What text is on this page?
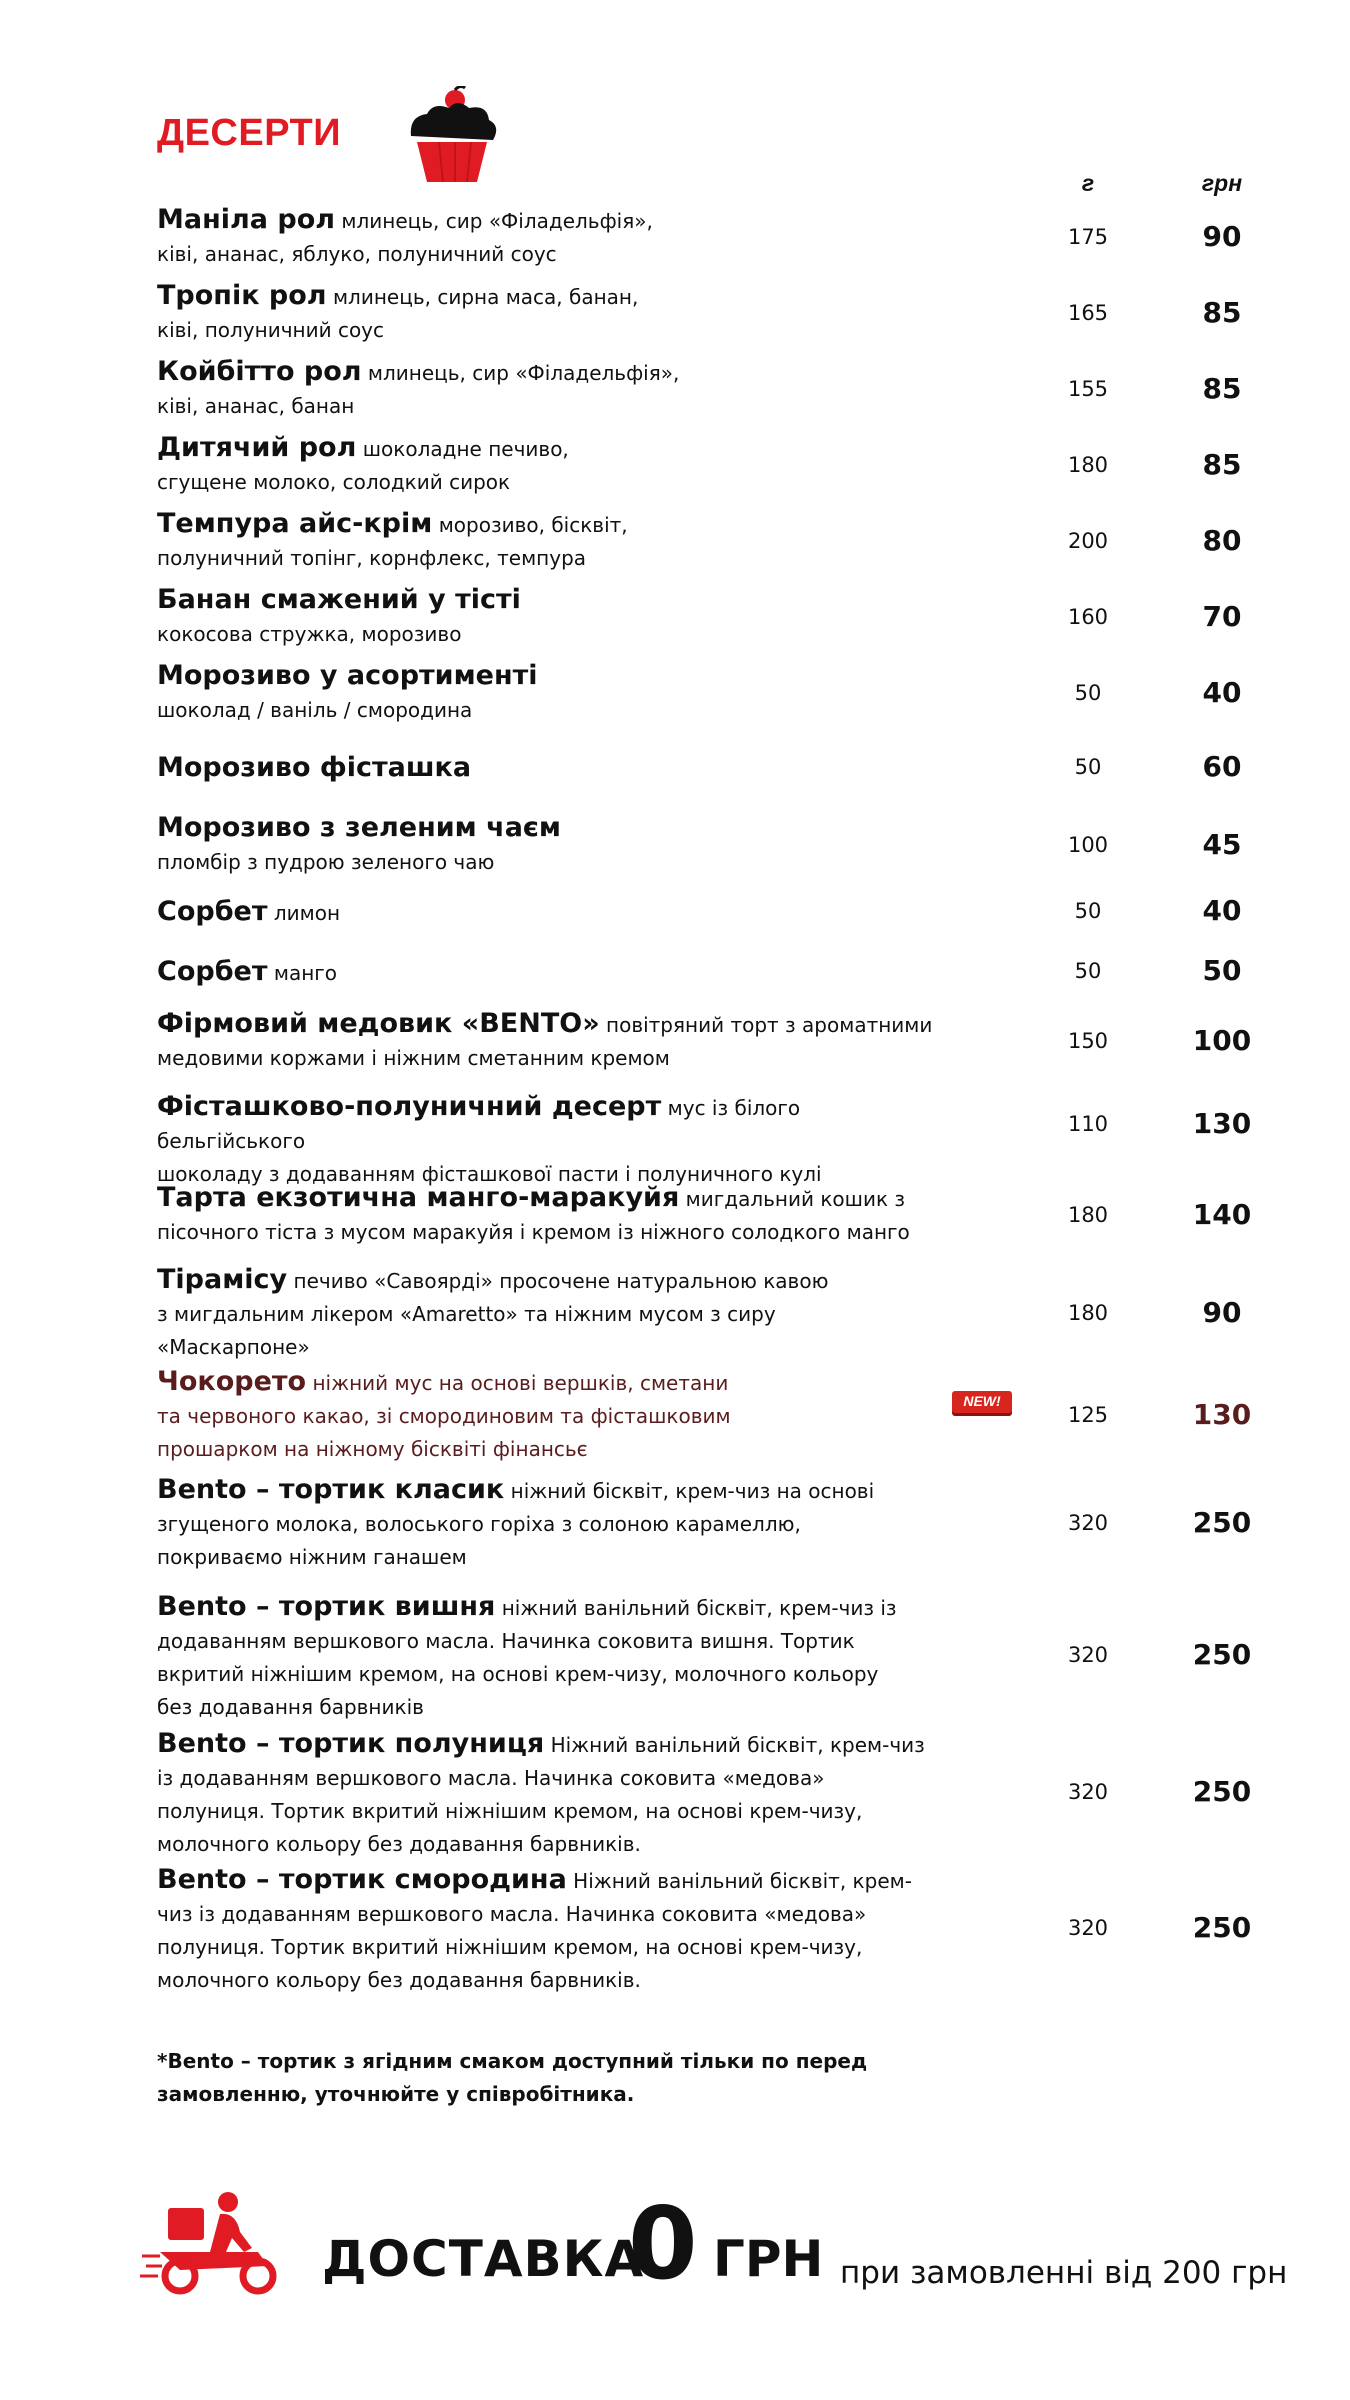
ДЕСЕРТИ
г	грн
Маніла рол млинець, сир «Філадельфія»,
ківі, ананас, яблуко, полуничний соус
175	90
Тропік рол млинець, сирна маса, банан,
ківі, полуничний соус
165	85
Койбітто рол млинець, сир «Філадельфія»,
ківі, ананас, банан
155	85
Дитячий рол шоколадне печиво,
сгущене молоко, солодкий сирок
180	85
Темпура айс-крім морозиво, бісквіт,
полуничний топінг, корнфлекс, темпура
200	80
Банан смажений у тісті
кокосова стружка, морозиво
160	70
Морозиво у асортименті
шоколад / ваніль / смородина
50	40
Морозиво фісташка	50	60
Морозиво з зеленим чаєм
пломбір з пудрою зеленого чаю
100	45
Сорбет лимон	50	40
Сорбет манго	50	50
Фірмовий медовик «BENTO» повітряний торт з ароматними
медовими коржами і ніжним сметанним кремом
150	100
Фісташково-полуничний десерт мус із білого бельгійського
шоколаду з додаванням фісташкової пасти і полуничного кулі
110	130
Тарта екзотична манго-маракуйя мигдальний кошик з
пісочного тіста з мусом маракуйя і кремом із ніжного солодкого манго
180	140
Тірамісу печиво «Савоярді» просочене натуральною кавою
з мигдальним лікером «Amaretto» та ніжним мусом з сиру
«Маскарпоне»
180	90
Чокорето ніжний мус на основі вершків, сметани
та червоного какао, зі смородиновим та фісташковим
прошарком на ніжному бісквіті фінансьє
125	130
NEW!
Bento – тортик класик ніжний бісквіт, крем-чиз на основі
згущеного молока, волоського горіха з солоною карамеллю,
покриваємо ніжним ганашем
320	250
Bento – тортик вишня ніжний ванільний бісквіт, крем-чиз із
додаванням вершкового масла. Начинка соковита вишня. Тортик
вкритий ніжнішим кремом, на основі крем-чизу, молочного кольору
без додавання барвників
320	250
Bento – тортик полуниця Ніжний ванільний бісквіт, крем-чиз
із додаванням вершкового масла. Начинка соковита «медова»
полуниця. Тортик вкритий ніжнішим кремом, на основі крем-чизу,
молочного кольору без додавання барвників.
320	250
Bento – тортик смородина Ніжний ванільний бісквіт, крем-
чиз із додаванням вершкового масла. Начинка соковита «медова»
полуниця. Тортик вкритий ніжнішим кремом, на основі крем-чизу,
молочного кольору без додавання барвників.
320	250
*Bento – тортик з ягідним смаком доступний тільки по перед
замовленню, уточнюйте у співробітника.
ДОСТАВКА
0 ГРН при замовленні від 200 грн
